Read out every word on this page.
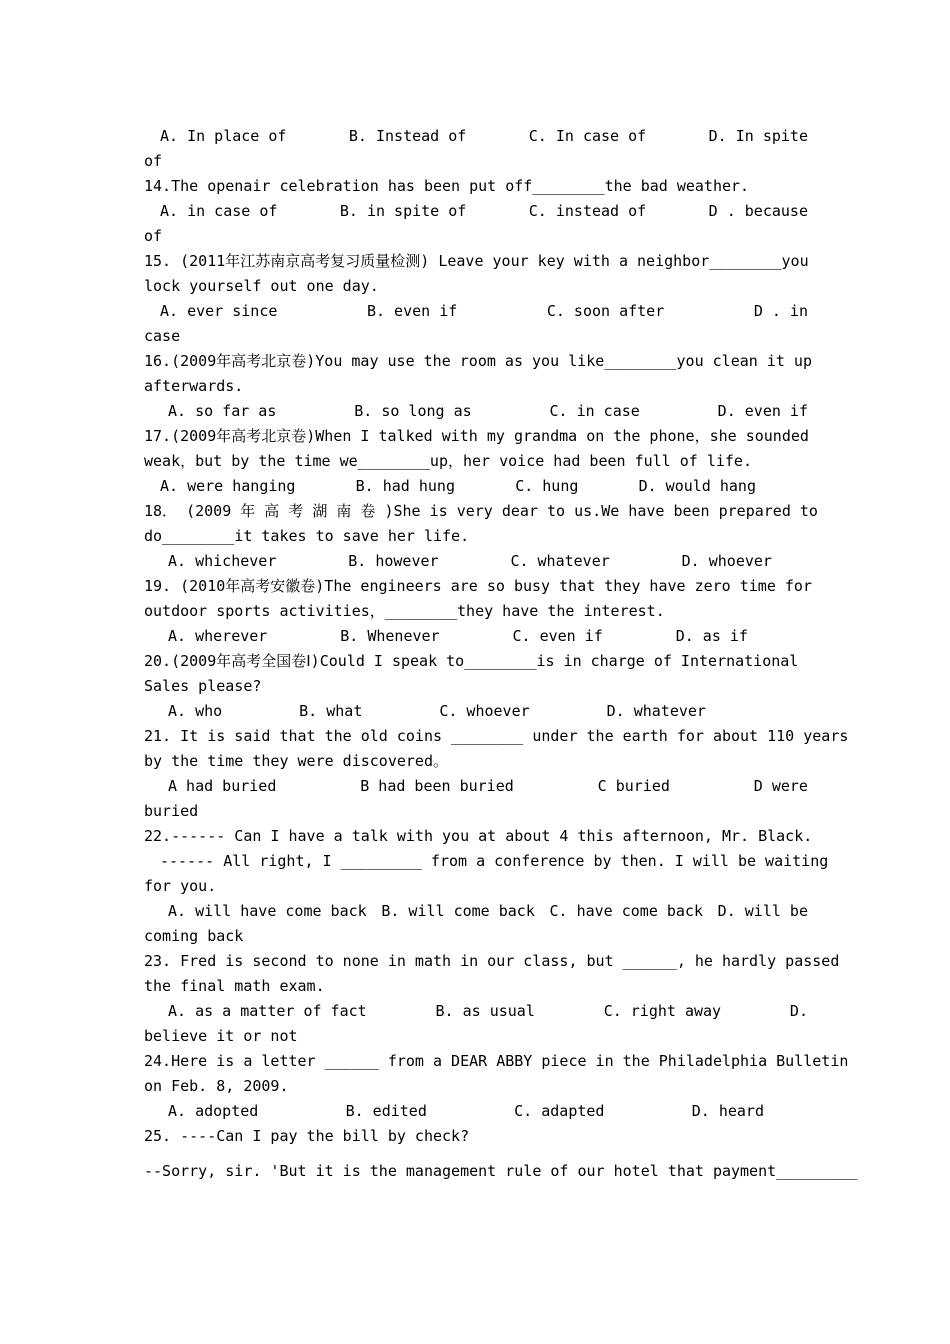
A. In place of	B. Instead of	C. In case of	D. In spite
of
14.The openair celebration has been put off________the bad weather.
A. in case of	B. in spite of	C. instead of	D . because
of
15. (2011年江苏南京高考复习质量检测) Leave your key with a neighbor________you
lock yourself out one day.
A. ever since	B. even if	C. soon after	D . in
case
16.(2009年高考北京卷)You may use the room as you like________you clean it up
afterwards.
A. so far as	B. so long as	C. in case	D. even if
17.(2009年高考北京卷)When I talked with my grandma on the phone，she sounded
weak，but by the time we________up，her voice had been full of life.
A. were hanging	B. had hung	C. hung	D. would hang
18． (2009 年 高 考 湖 南 卷 )She is very dear to us.We have been prepared to
do________it takes to save her life.
A. whichever	B. however	C. whatever	D. whoever
19. (2010年高考安徽卷)The engineers are so busy that they have zero time for
outdoor sports activities，________they have the interest.
A. wherever	B. Whenever	C. even if	D. as if
20.(2009年高考全国卷Ⅰ)Could I speak to________is in charge of International
Sales please?
A. who	B. what	C. whoever	D. whatever
21. It is said that the old coins ________ under the earth for about 110 years
by the time they were discovered。
A had buried	B had been buried	C buried	D were
buried
22.------ Can I have a talk with you at about 4 this afternoon, Mr. Black.
------ All right, I _________ from a conference by then. I will be waiting
for you.
A. will have come back B. will come back C. have come back D. will be
coming back
23. Fred is second to none in math in our class, but ______, he hardly passed
the final math exam.
A. as a matter of fact	B. as usual	C. right away	D.
believe it or not
24.Here is a letter ______ from a DEAR ABBY piece in the Philadelphia Bulletin
on Feb. 8, 2009.
A. adopted	B. edited	C. adapted	D. heard
25. ----Can I pay the bill by check?
--Sorry, sir. 'But it is the management rule of our hotel that payment_________
